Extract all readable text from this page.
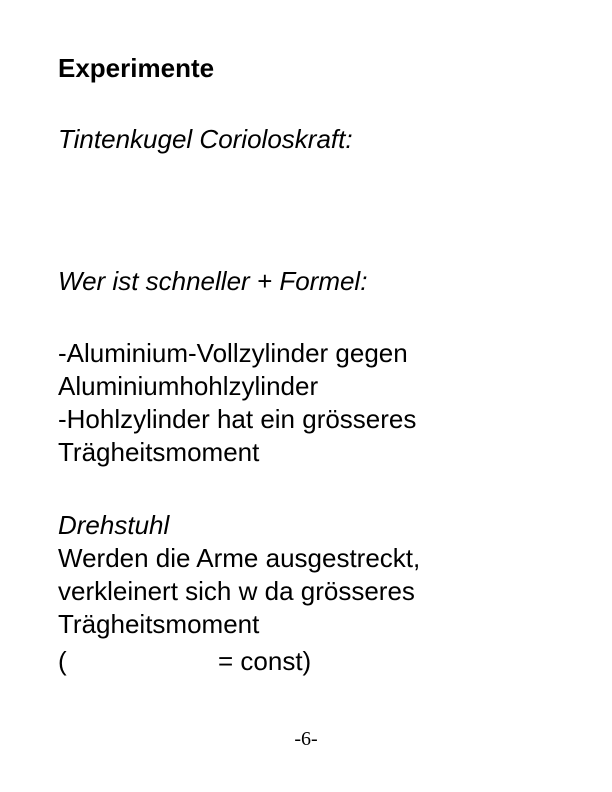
Experimente

Tintenkugel Corioloskraft:

Wer ist schneller + Formel:

-Aluminium-Vollzylinder gegen

Aluminiumhohlzylinder

-Hohlzylinder hat ein grösseres

Trägheitsmoment

Drehstuhl

Werden die Arme ausgestreckt,

verkleinert sich w da grösseres

Trägheitsmoment

(	= const)
-6-
